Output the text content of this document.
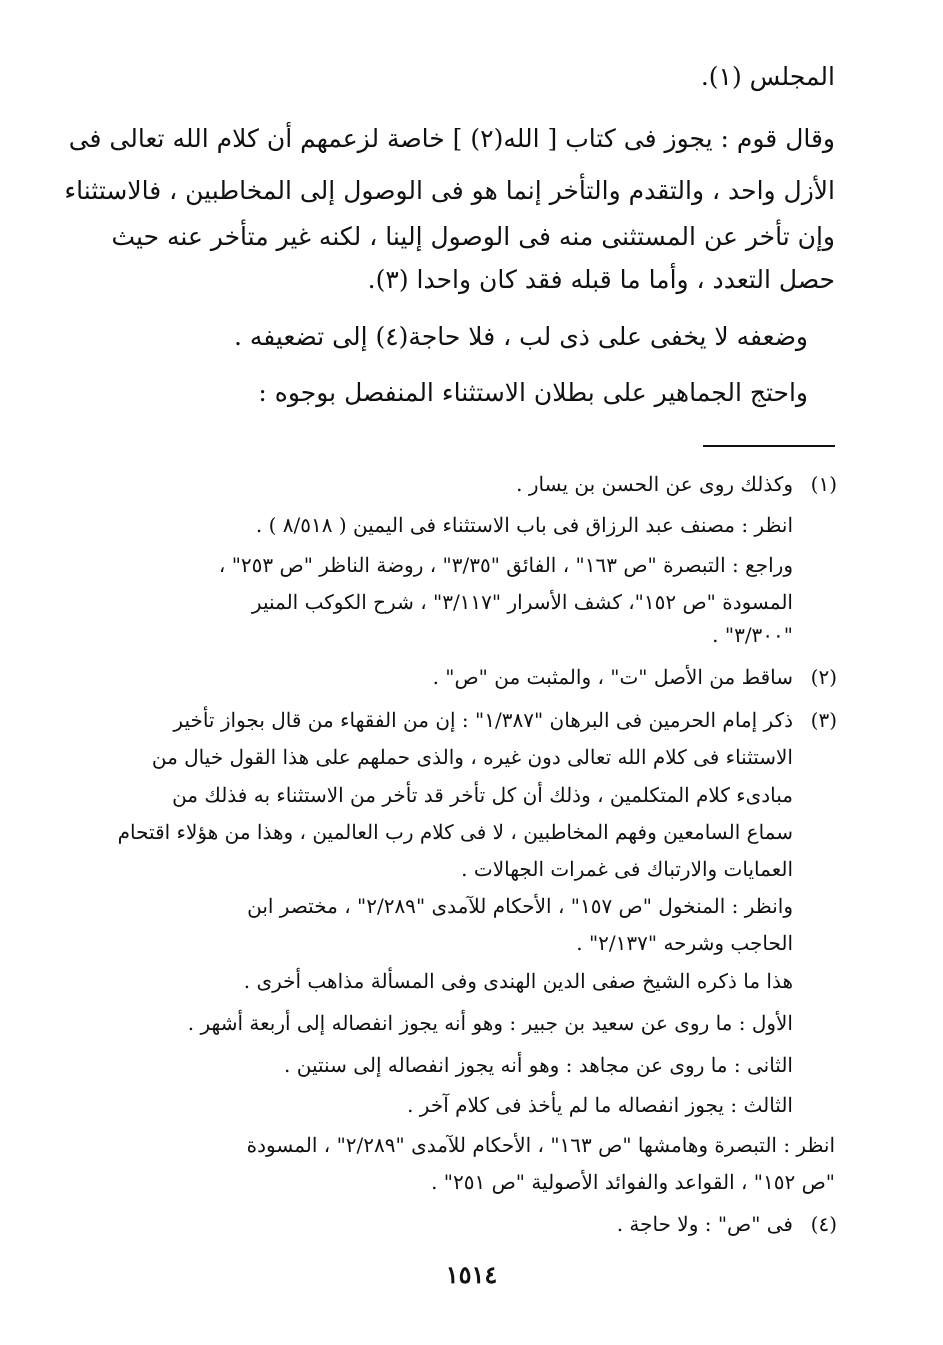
المجلس (١).
وقال قوم : يجوز فى كتاب [ الله(٢) ] خاصة لزعمهم أن كلام الله تعالى فى
الأزل واحد ، والتقدم والتأخر إنما هو فى الوصول إلى المخاطبين ، فالاستثناء
وإن تأخر عن المستثنى منه فى الوصول إلينا ، لكنه غير متأخر عنه حيث
حصل التعدد ، وأما ما قبله فقد كان واحدا (٣).
وضعفه لا يخفى على ذى لب ، فلا حاجة(٤) إلى تضعيفه .
واحتج الجماهير على بطلان الاستثناء المنفصل بوجوه :
(١)
وكذلك روى عن الحسن بن يسار .
انظر : مصنف عبد الرزاق فى باب الاستثناء فى اليمين ( ٨/٥١٨ ) .
وراجع : التبصرة "ص ١٦٣" ، الفائق "٣/٣٥" ، روضة الناظر "ص ٢٥٣" ،
المسودة "ص ١٥٢"، كشف الأسرار "٣/١١٧" ، شرح الكوكب المنير
"٣/٣٠٠" .
(٢)
ساقط من الأصل "ت" ، والمثبت من "ص" .
(٣)
ذكر إمام الحرمين فى البرهان "١/٣٨٧" : إن من الفقهاء من قال بجواز تأخير
الاستثناء فى كلام الله تعالى دون غيره ، والذى حملهم على هذا القول خيال من
مبادىء كلام المتكلمين ، وذلك أن كل تأخر قد تأخر من الاستثناء به فذلك من
سماع السامعين وفهم المخاطبين ، لا فى كلام رب العالمين ، وهذا من هؤلاء اقتحام
العمايات والارتباك فى غمرات الجهالات .
وانظر : المنخول "ص ١٥٧" ، الأحكام للآمدى "٢/٢٨٩" ، مختصر ابن
الحاجب وشرحه "٢/١٣٧" .
هذا ما ذكره الشيخ صفى الدين الهندى وفى المسألة مذاهب أخرى .
الأول : ما روى عن سعيد بن جبير : وهو أنه يجوز انفصاله إلى أربعة أشهر .
الثانى : ما روى عن مجاهد : وهو أنه يجوز انفصاله إلى سنتين .
الثالث : يجوز انفصاله ما لم يأخذ فى كلام آخر .
انظر : التبصرة وهامشها "ص ١٦٣" ، الأحكام للآمدى "٢/٢٨٩" ، المسودة
"ص ١٥٢" ، القواعد والفوائد الأصولية "ص ٢٥١" .
(٤)
فى "ص" : ولا حاجة .
١٥١٤
